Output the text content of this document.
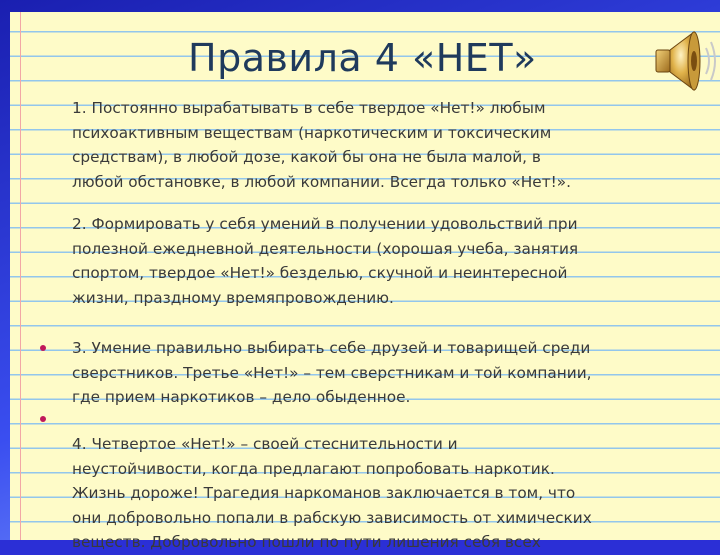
Правила 4 «НЕТ»
1. Постоянно вырабатывать в себе твердое «Нет!» любым
психоактивным веществам (наркотическим и токсическим
средствам), в любой дозе, какой бы она не была малой, в
любой обстановке, в любой компании. Всегда только «Нет!».
2. Формировать у себя умений в получении удовольствий при
полезной ежедневной деятельности (хорошая учеба, занятия
спортом, твердое «Нет!» безделью, скучной и неинтересной
жизни, праздному времяпровождению.
3. Умение правильно выбирать себе друзей и товарищей среди
сверстников. Третье «Нет!» – тем сверстникам и той компании,
где прием наркотиков – дело обыденное.
4. Четвертое «Нет!» – своей стеснительности и
неустойчивости, когда предлагают попробовать наркотик.
Жизнь дороже! Трагедия наркоманов заключается в том, что
они добровольно попали в рабскую зависимость от химических
веществ. Добровольно пошли по пути лишения себя всех
